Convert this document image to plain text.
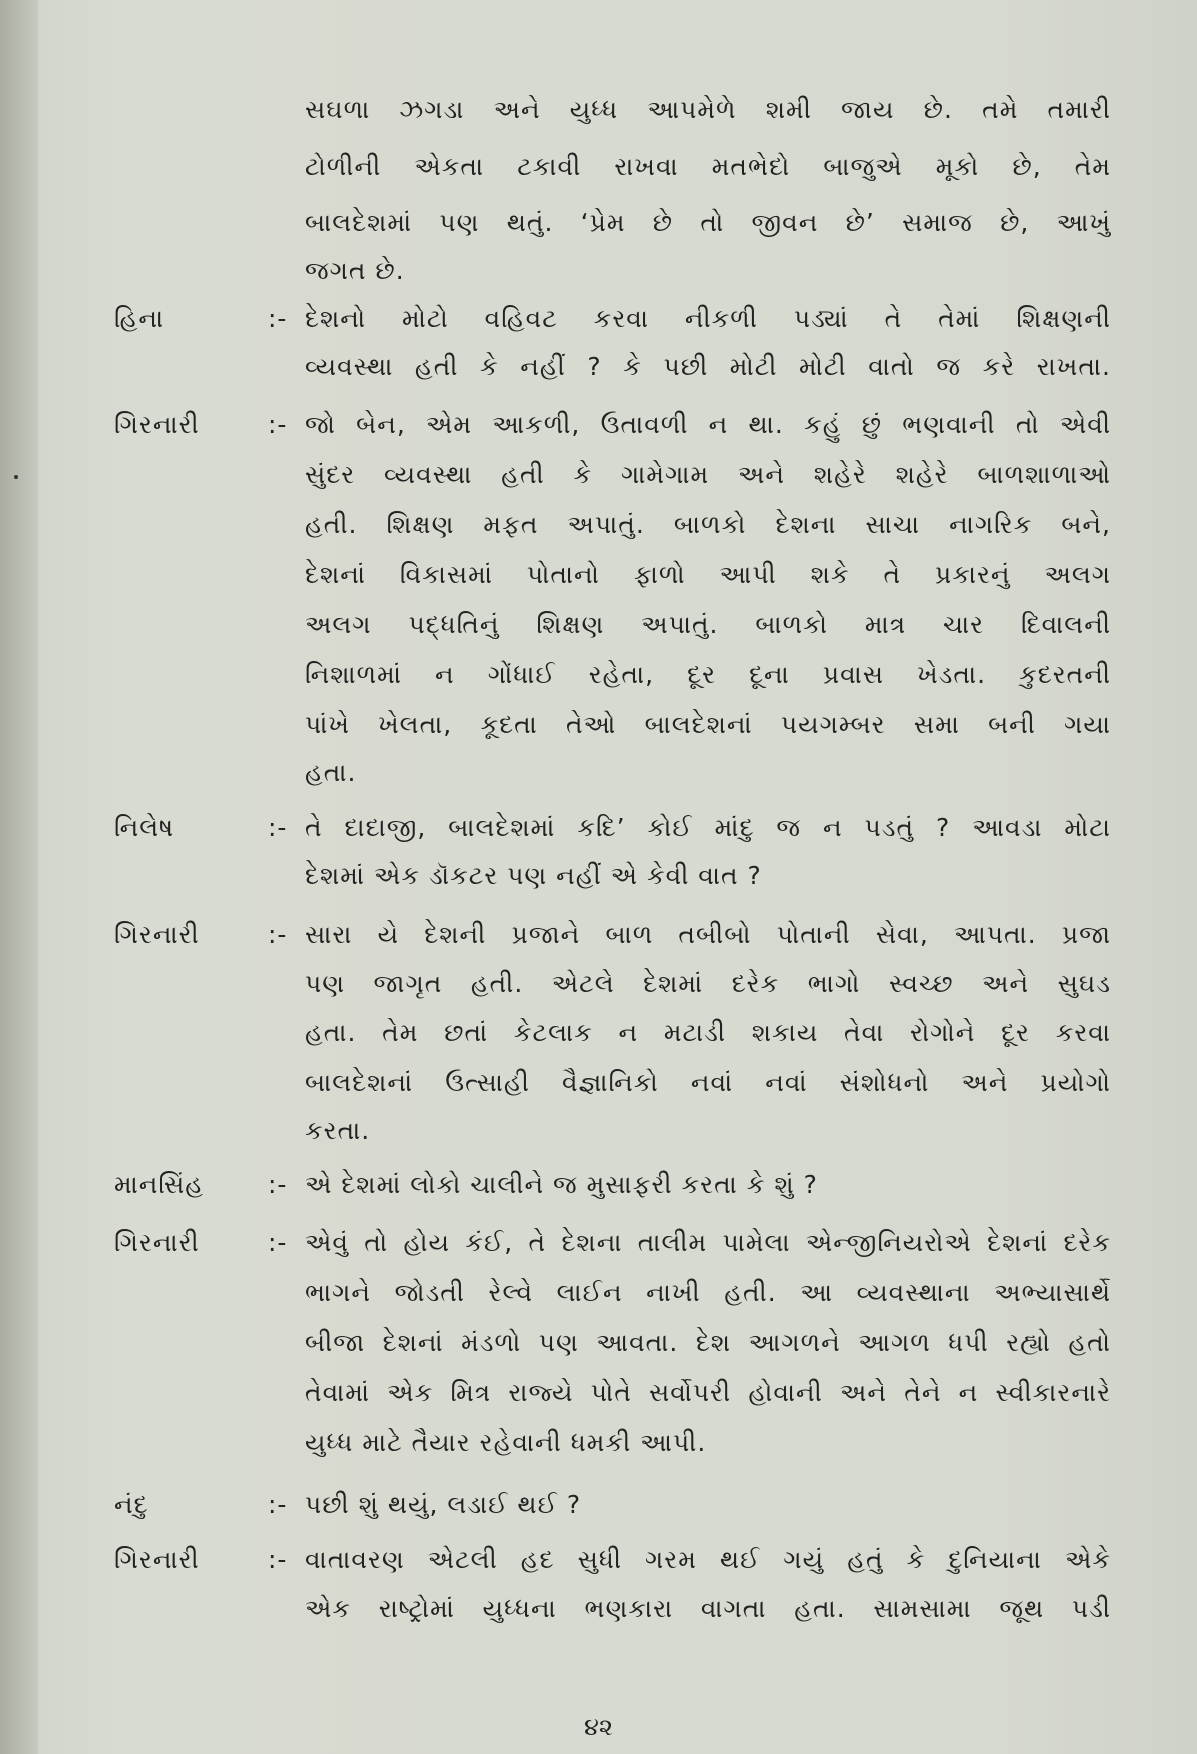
સઘળા ઝગડા અને યુધ્ધ આપમેળે શમી જાય છે. તમે તમારી
ટોળીની એકતા ટકાવી રાખવા મતભેદો બાજુએ મૂકો છે, તેમ
બાલદેશમાં પણ થતું. ‘પ્રેમ છે તો જીવન છે’ સમાજ છે, આખું
જગત છે.
હિના	:- દેશનો મોટો વહિવટ કરવા નીકળી પડ્યાં તે તેમાં શિક્ષણની
વ્યવસ્થા હતી કે નહીં ? કે પછી મોટી મોટી વાતો જ કરે રાખતા.
ગિરનારી	:- જો બેન, એમ આકળી, ઉતાવળી ન થા. કહું છું ભણવાની તો એવી
સુંદર વ્યવસ્થા હતી કે ગામેગામ અને શહેરે શહેરે બાળશાળાઓ
હતી. શિક્ષણ મફત અપાતું. બાળકો દેશના સાચા નાગરિક બને,
દેશનાં વિકાસમાં પોતાનો ફાળો આપી શકે તે પ્રકારનું અલગ
અલગ પદ્ધતિનું શિક્ષણ અપાતું. બાળકો માત્ર ચાર દિવાલની
નિશાળમાં ન ગોંધાઈ રહેતા, દૂર દૂના પ્રવાસ ખેડતા. કુદરતની
પાંખે ખેલતા, કૂદતા તેઓ બાલદેશનાં પયગમ્બર સમા બની ગયા
હતા.
નિલેષ	:- તે દાદાજી, બાલદેશમાં કદિ’ કોઈ માંદુ જ ન પડતું ? આવડા મોટા
દેશમાં એક ડૉકટર પણ નહીં એ કેવી વાત ?
ગિરનારી	:- સારા યે દેશની પ્રજાને બાળ તબીબો પોતાની સેવા, આપતા. પ્રજા
પણ જાગૃત હતી. એટલે દેશમાં દરેક ભાગો સ્વચ્છ અને સુઘડ
હતા. તેમ છતાં કેટલાક ન મટાડી શકાય તેવા રોગોને દૂર કરવા
બાલદેશનાં ઉત્સાહી વૈજ્ઞાનિકો નવાં નવાં સંશોધનો અને પ્રયોગો
કરતા.
માનસિંહ	:- એ દેશમાં લોકો ચાલીને જ મુસાફરી કરતા કે શું ?
ગિરનારી	:- એવું તો હોય કંઈ, તે દેશના તાલીમ પામેલા એન્જીનિયરોએ દેશનાં દરેક
ભાગને જોડતી રેલ્વે લાઈન નાખી હતી. આ વ્યવસ્થાના અભ્યાસાર્થે
બીજા દેશનાં મંડળો પણ આવતા. દેશ આગળને આગળ ધપી રહ્યો હતો
તેવામાં એક મિત્ર રાજ્યે પોતે સર્વોપરી હોવાની અને તેને ન સ્વીકારનારે
યુધ્ધ માટે તૈયાર રહેવાની ધમકી આપી.
નંદુ	:- પછી શું થયું, લડાઈ થઈ ?
ગિરનારી	:- વાતાવરણ એટલી હદ સુધી ગરમ થઈ ગયું હતું કે દુનિયાના એકે
એક રાષ્ટ્રોમાં યુધ્ધના ભણકારા વાગતા હતા. સામસામા જૂથ પડી
૪૨
